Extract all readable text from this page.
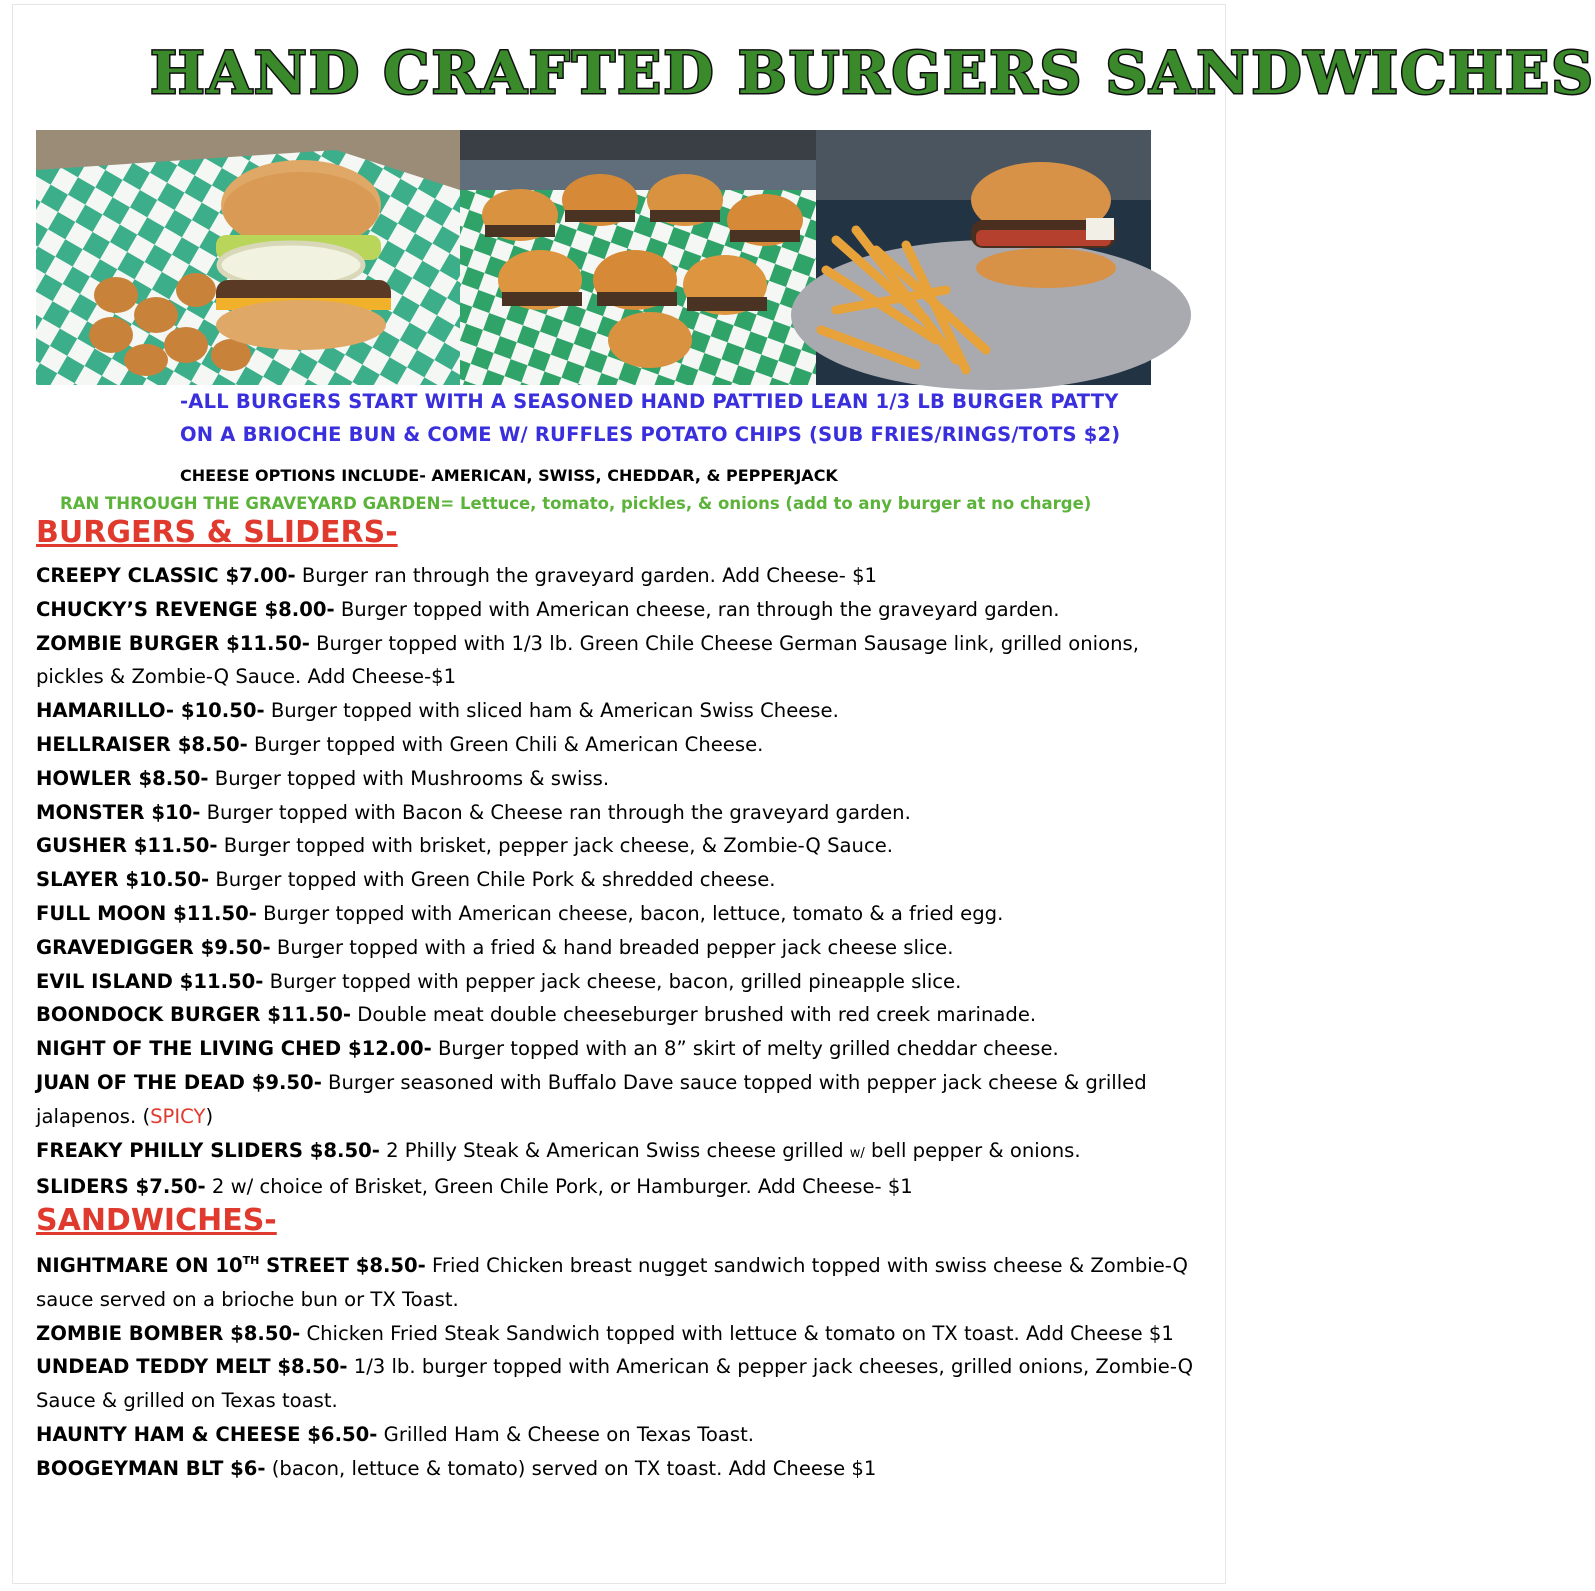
HAND CRAFTED BURGERS SANDWICHES
-ALL BURGERS START WITH A SEASONED HAND PATTIED LEAN 1/3 LB BURGER PATTY
ON A BRIOCHE BUN & COME W/ RUFFLES POTATO CHIPS (SUB FRIES/RINGS/TOTS $2)
CHEESE OPTIONS INCLUDE- AMERICAN, SWISS, CHEDDAR, & PEPPERJACK
RAN THROUGH THE GRAVEYARD GARDEN= Lettuce, tomato, pickles, & onions (add to any burger at no charge)
BURGERS & SLIDERS-

CREEPY CLASSIC $7.00- Burger ran through the graveyard garden. Add Cheese- $1

CHUCKY’S REVENGE $8.00- Burger topped with American cheese, ran through the graveyard garden.

ZOMBIE BURGER $11.50- Burger topped with 1/3 lb. Green Chile Cheese German Sausage link, grilled onions, pickles & Zombie-Q Sauce. Add Cheese-$1

HAMARILLO- $10.50- Burger topped with sliced ham & American Swiss Cheese.

HELLRAISER $8.50- Burger topped with Green Chili & American Cheese.

HOWLER $8.50- Burger topped with Mushrooms & swiss.

MONSTER $10- Burger topped with Bacon & Cheese ran through the graveyard garden.

GUSHER $11.50- Burger topped with brisket, pepper jack cheese, & Zombie-Q Sauce.

SLAYER $10.50- Burger topped with Green Chile Pork & shredded cheese.

FULL MOON $11.50- Burger topped with American cheese, bacon, lettuce, tomato & a fried egg.

GRAVEDIGGER $9.50- Burger topped with a fried & hand breaded pepper jack cheese slice.

EVIL ISLAND $11.50- Burger topped with pepper jack cheese, bacon, grilled pineapple slice.

BOONDOCK BURGER $11.50- Double meat double cheeseburger brushed with red creek marinade.

NIGHT OF THE LIVING CHED $12.00- Burger topped with an 8” skirt of melty grilled cheddar cheese.

JUAN OF THE DEAD $9.50- Burger seasoned with Buffalo Dave sauce topped with pepper jack cheese & grilled jalapenos. (SPICY)

FREAKY PHILLY SLIDERS $8.50- 2 Philly Steak & American Swiss cheese grilled w/ bell pepper & onions.

SLIDERS $7.50- 2 w/ choice of Brisket, Green Chile Pork, or Hamburger. Add Cheese- $1

SANDWICHES-

NIGHTMARE ON 10TH STREET $8.50- Fried Chicken breast nugget sandwich topped with swiss cheese & Zombie-Q sauce served on a brioche bun or TX Toast.

ZOMBIE BOMBER $8.50- Chicken Fried Steak Sandwich topped with lettuce & tomato on TX toast. Add Cheese $1

UNDEAD TEDDY MELT $8.50- 1/3 lb. burger topped with American & pepper jack cheeses, grilled onions, Zombie-Q Sauce & grilled on Texas toast.

HAUNTY HAM & CHEESE $6.50- Grilled Ham & Cheese on Texas Toast.

BOOGEYMAN BLT $6- (bacon, lettuce & tomato) served on TX toast. Add Cheese $1
